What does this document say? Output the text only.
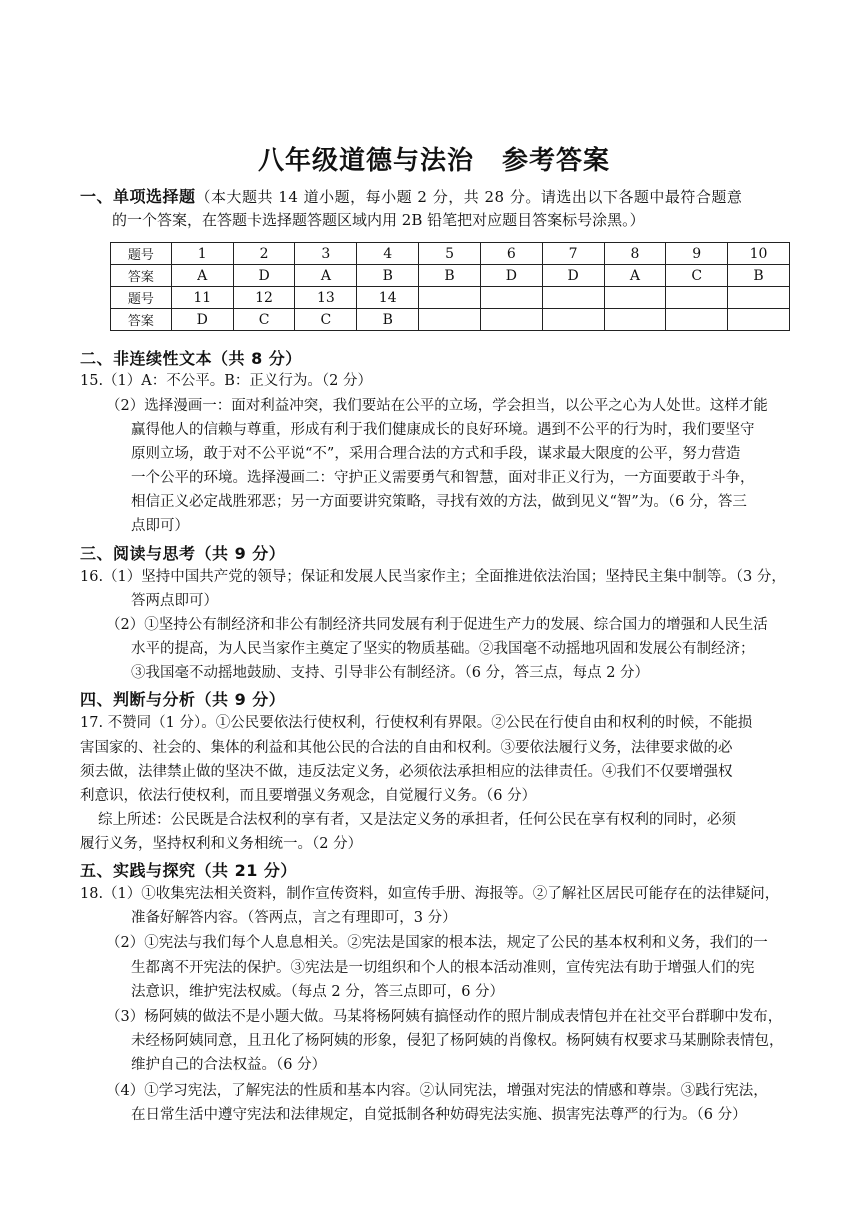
八年级道德与法治 参考答案
一、单项选择题（本大题共 14 道小题，每小题 2 分，共 28 分。请选出以下各题中最符合题意
的一个答案，在答题卡选择题答题区域内用 2B 铅笔把对应题目答案标号涂黑。）
题号	1	2	3	4	5	6	7	8	9	10
答案	A	D	A	B	B	D	D	A	C	B
题号	11	12	13	14						
答案	D	C	C	B						
二、非连续性文本（共 8 分）
15.（1）A：不公平。B：正义行为。（2 分）
（2）选择漫画一：面对利益冲突，我们要站在公平的立场，学会担当，以公平之心为人处世。这样才能
赢得他人的信赖与尊重，形成有利于我们健康成长的良好环境。遇到不公平的行为时，我们要坚守
原则立场，敢于对不公平说“不”，采用合理合法的方式和手段，谋求最大限度的公平，努力营造
一个公平的环境。选择漫画二：守护正义需要勇气和智慧，面对非正义行为，一方面要敢于斗争，
相信正义必定战胜邪恶；另一方面要讲究策略，寻找有效的方法，做到见义“智”为。（6 分，答三
点即可）
三、阅读与思考（共 9 分）
16.（1）坚持中国共产党的领导；保证和发展人民当家作主；全面推进依法治国；坚持民主集中制等。（3 分，
答两点即可）
（2）①坚持公有制经济和非公有制经济共同发展有利于促进生产力的发展、综合国力的增强和人民生活
水平的提高，为人民当家作主奠定了坚实的物质基础。②我国毫不动摇地巩固和发展公有制经济；
③我国毫不动摇地鼓励、支持、引导非公有制经济。（6 分，答三点，每点 2 分）
四、判断与分析（共 9 分）
17. 不赞同（1 分）。①公民要依法行使权利，行使权利有界限。②公民在行使自由和权利的时候，不能损
害国家的、社会的、集体的利益和其他公民的合法的自由和权利。③要依法履行义务，法律要求做的必
须去做，法律禁止做的坚决不做，违反法定义务，必须依法承担相应的法律责任。④我们不仅要增强权
利意识，依法行使权利，而且要增强义务观念，自觉履行义务。（6 分）
综上所述：公民既是合法权利的享有者，又是法定义务的承担者，任何公民在享有权利的同时，必须
履行义务，坚持权利和义务相统一。（2 分）
五、实践与探究（共 21 分）
18.（1）①收集宪法相关资料，制作宣传资料，如宣传手册、海报等。②了解社区居民可能存在的法律疑问，
准备好解答内容。（答两点，言之有理即可，3 分）
（2）①宪法与我们每个人息息相关。②宪法是国家的根本法，规定了公民的基本权利和义务，我们的一
生都离不开宪法的保护。③宪法是一切组织和个人的根本活动准则，宣传宪法有助于增强人们的宪
法意识，维护宪法权威。（每点 2 分，答三点即可，6 分）
（3）杨阿姨的做法不是小题大做。马某将杨阿姨有搞怪动作的照片制成表情包并在社交平台群聊中发布，
未经杨阿姨同意，且丑化了杨阿姨的形象，侵犯了杨阿姨的肖像权。杨阿姨有权要求马某删除表情包，
维护自己的合法权益。（6 分）
（4）①学习宪法，了解宪法的性质和基本内容。②认同宪法，增强对宪法的情感和尊崇。③践行宪法，
在日常生活中遵守宪法和法律规定，自觉抵制各种妨碍宪法实施、损害宪法尊严的行为。（6 分）
